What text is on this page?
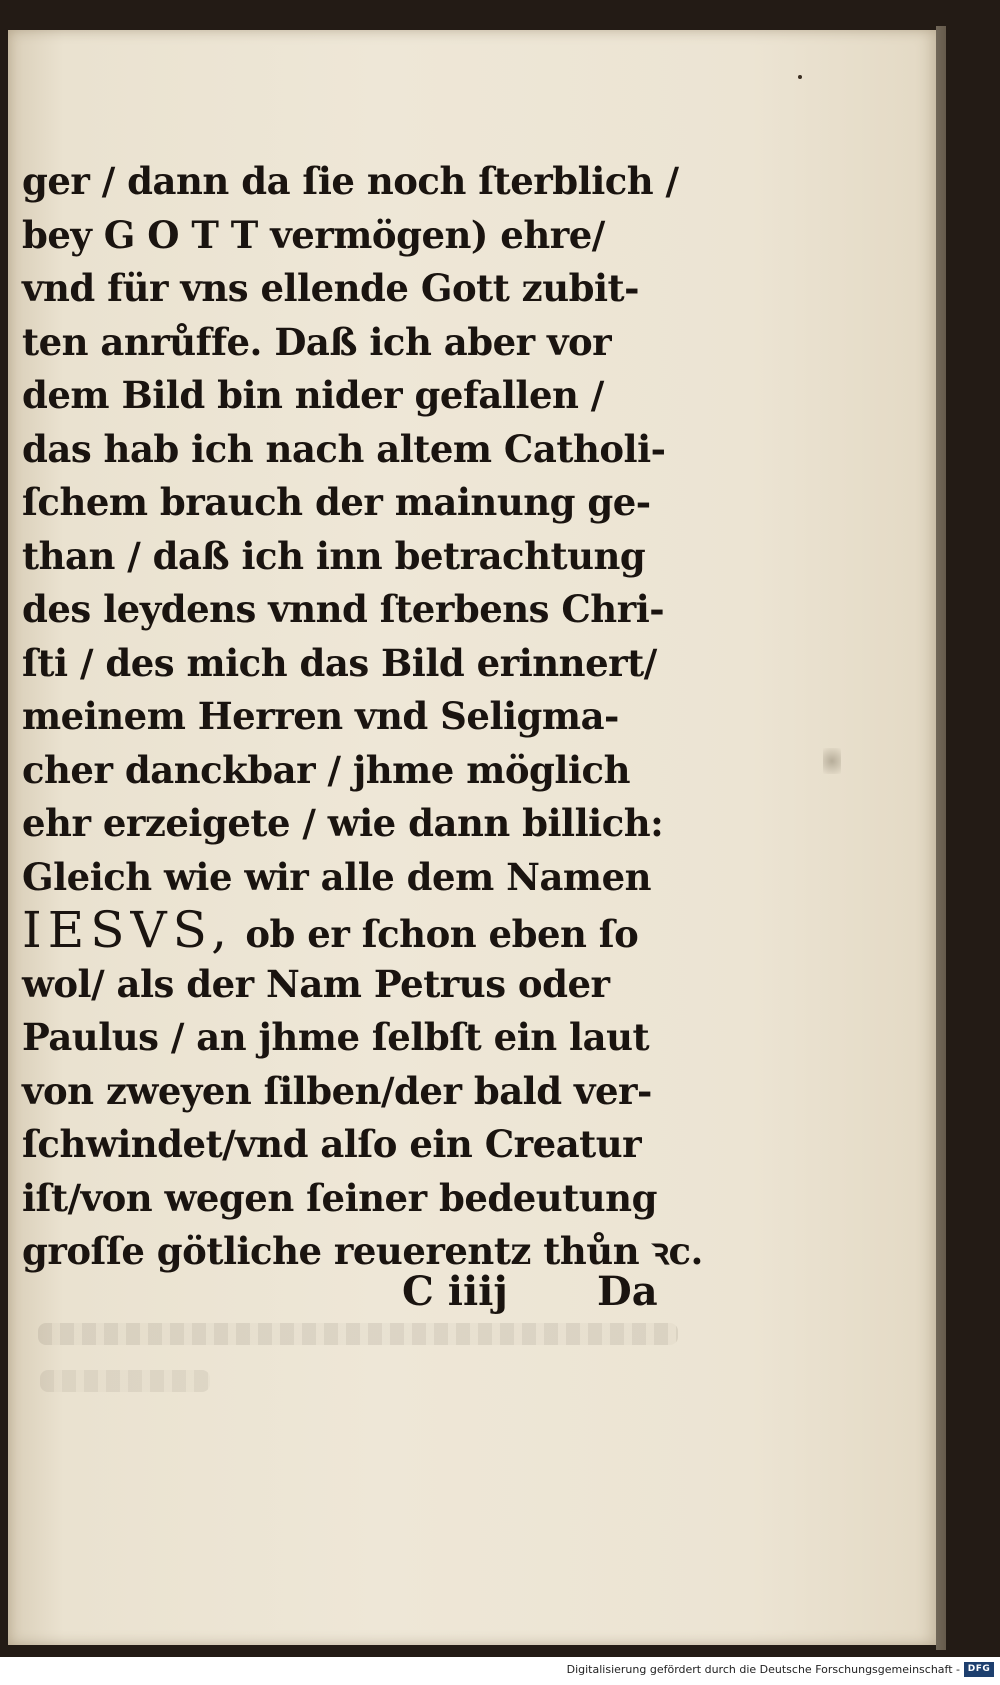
ger / dann da ſie noch ſterblich /
bey G O T T vermögen) ehre/
vnd für vns ellende Gott zubit-
ten anrůffe. Daß ich aber vor
dem Bild bin nider gefallen /
das hab ich nach altem Catholi-
ſchem brauch der mainung ge-
than / daß ich inn betrachtung
des leydens vnnd ſterbens Chri-
ſti / des mich das Bild erinnert/
meinem Herren vnd Seligma-
cher danckbar / jhme möglich
ehr erzeigete / wie dann billich:
Gleich wie wir alle dem Namen
IESVS, ob er ſchon eben ſo
wol/ als der Nam Petrus oder
Paulus / an jhme ſelbſt ein laut
von zweyen ſilben/der bald ver-
ſchwindet/vnd alſo ein Creatur
iſt/von wegen ſeiner bedeutung
groſſe götliche reuerentz thůn ꝛc.
C iiij Da
Digitalisierung gefördert durch die Deutsche Forschungsgemeinschaft - DFG
